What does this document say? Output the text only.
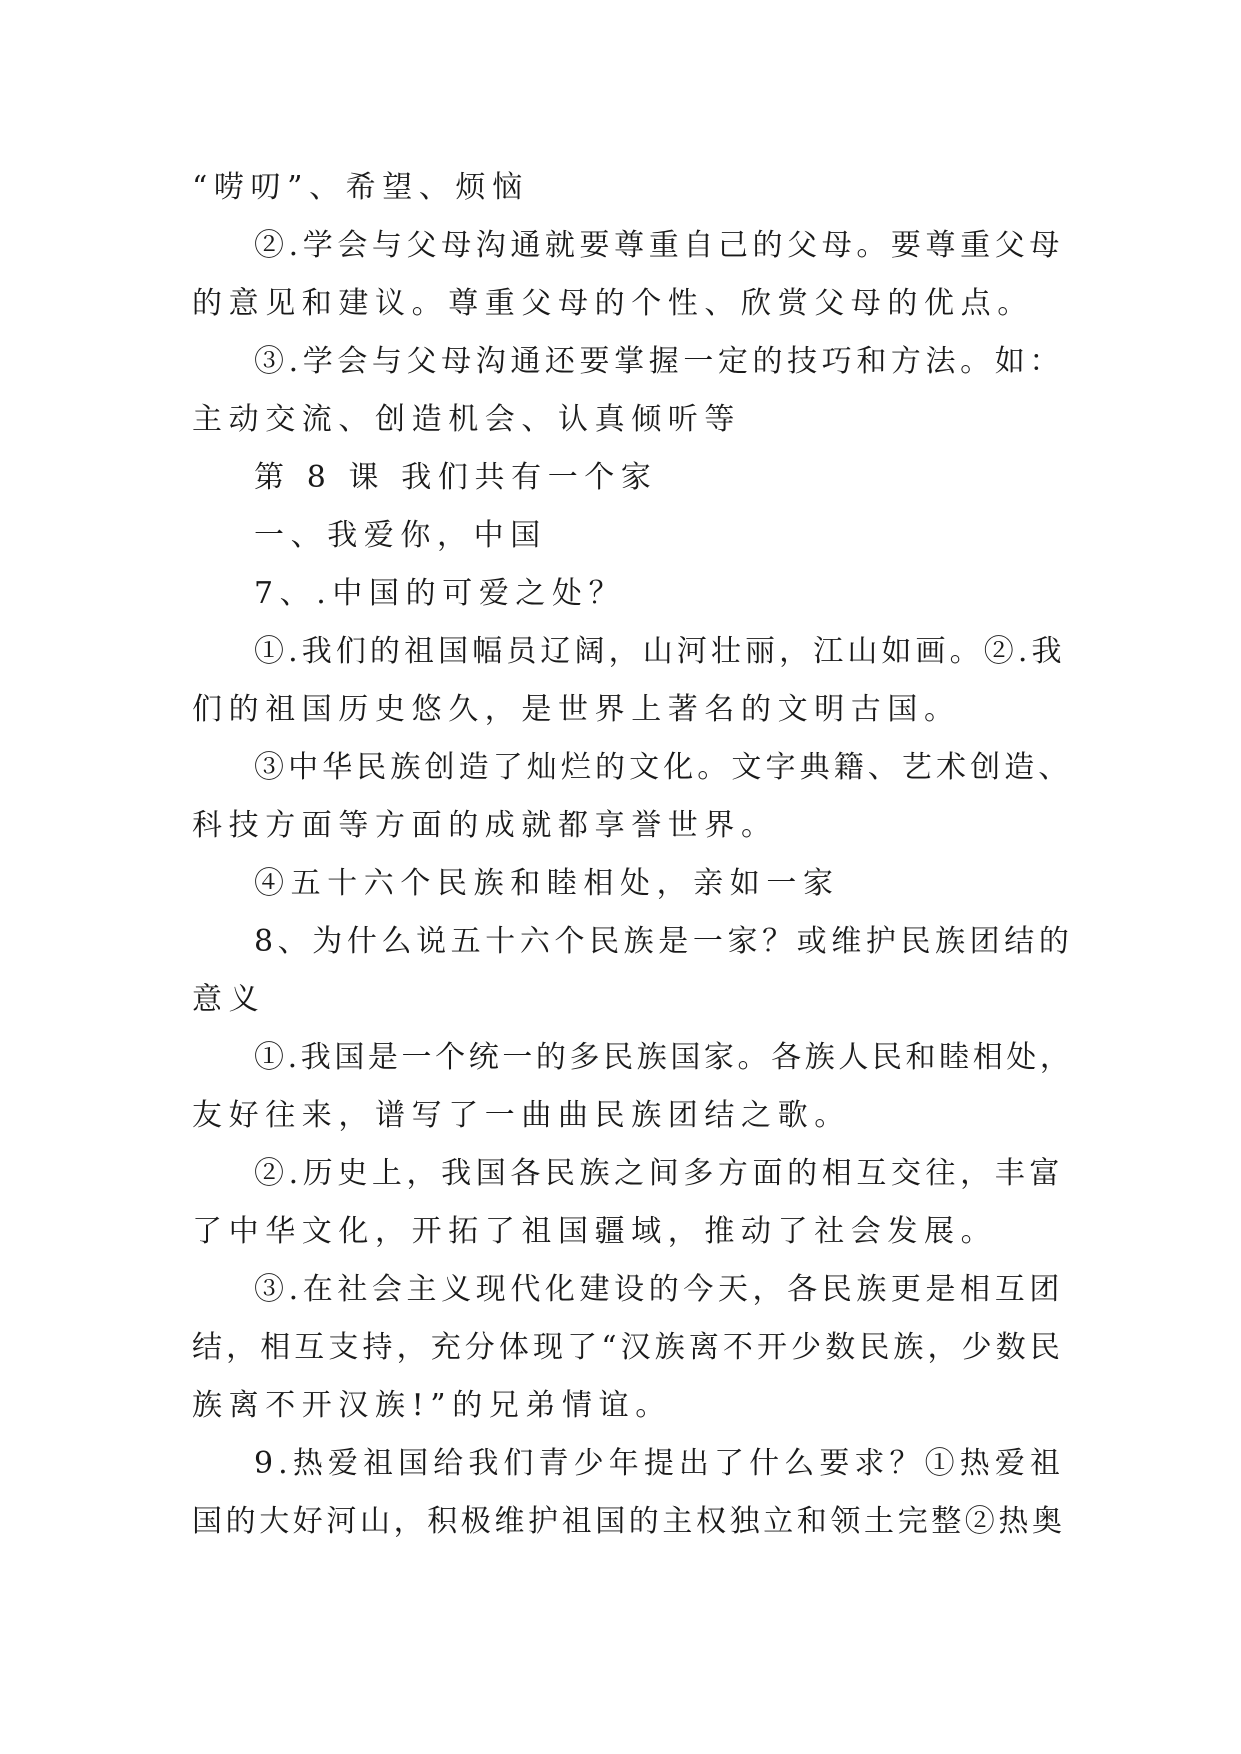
“唠叨”、希望、烦恼
②.学会与父母沟通就要尊重自己的父母。要尊重父母
的意见和建议。尊重父母的个性、欣赏父母的优点。
③.学会与父母沟通还要掌握一定的技巧和方法。如：
主动交流、创造机会、认真倾听等
第 8 课 我们共有一个家
一、我爱你，中国
7、.中国的可爱之处？
①.我们的祖国幅员辽阔，山河壮丽，江山如画。②.我
们的祖国历史悠久，是世界上著名的文明古国。
③中华民族创造了灿烂的文化。文字典籍、艺术创造、
科技方面等方面的成就都享誉世界。
④五十六个民族和睦相处，亲如一家
8、为什么说五十六个民族是一家？或维护民族团结的
意义
①.我国是一个统一的多民族国家。各族人民和睦相处，
友好往来，谱写了一曲曲民族团结之歌。
②.历史上，我国各民族之间多方面的相互交往，丰富
了中华文化，开拓了祖国疆域，推动了社会发展。
③.在社会主义现代化建设的今天，各民族更是相互团
结，相互支持，充分体现了“汉族离不开少数民族，少数民
族离不开汉族!”的兄弟情谊。
9.热爱祖国给我们青少年提出了什么要求？①热爱祖
国的大好河山，积极维护祖国的主权独立和领土完整②热奥
